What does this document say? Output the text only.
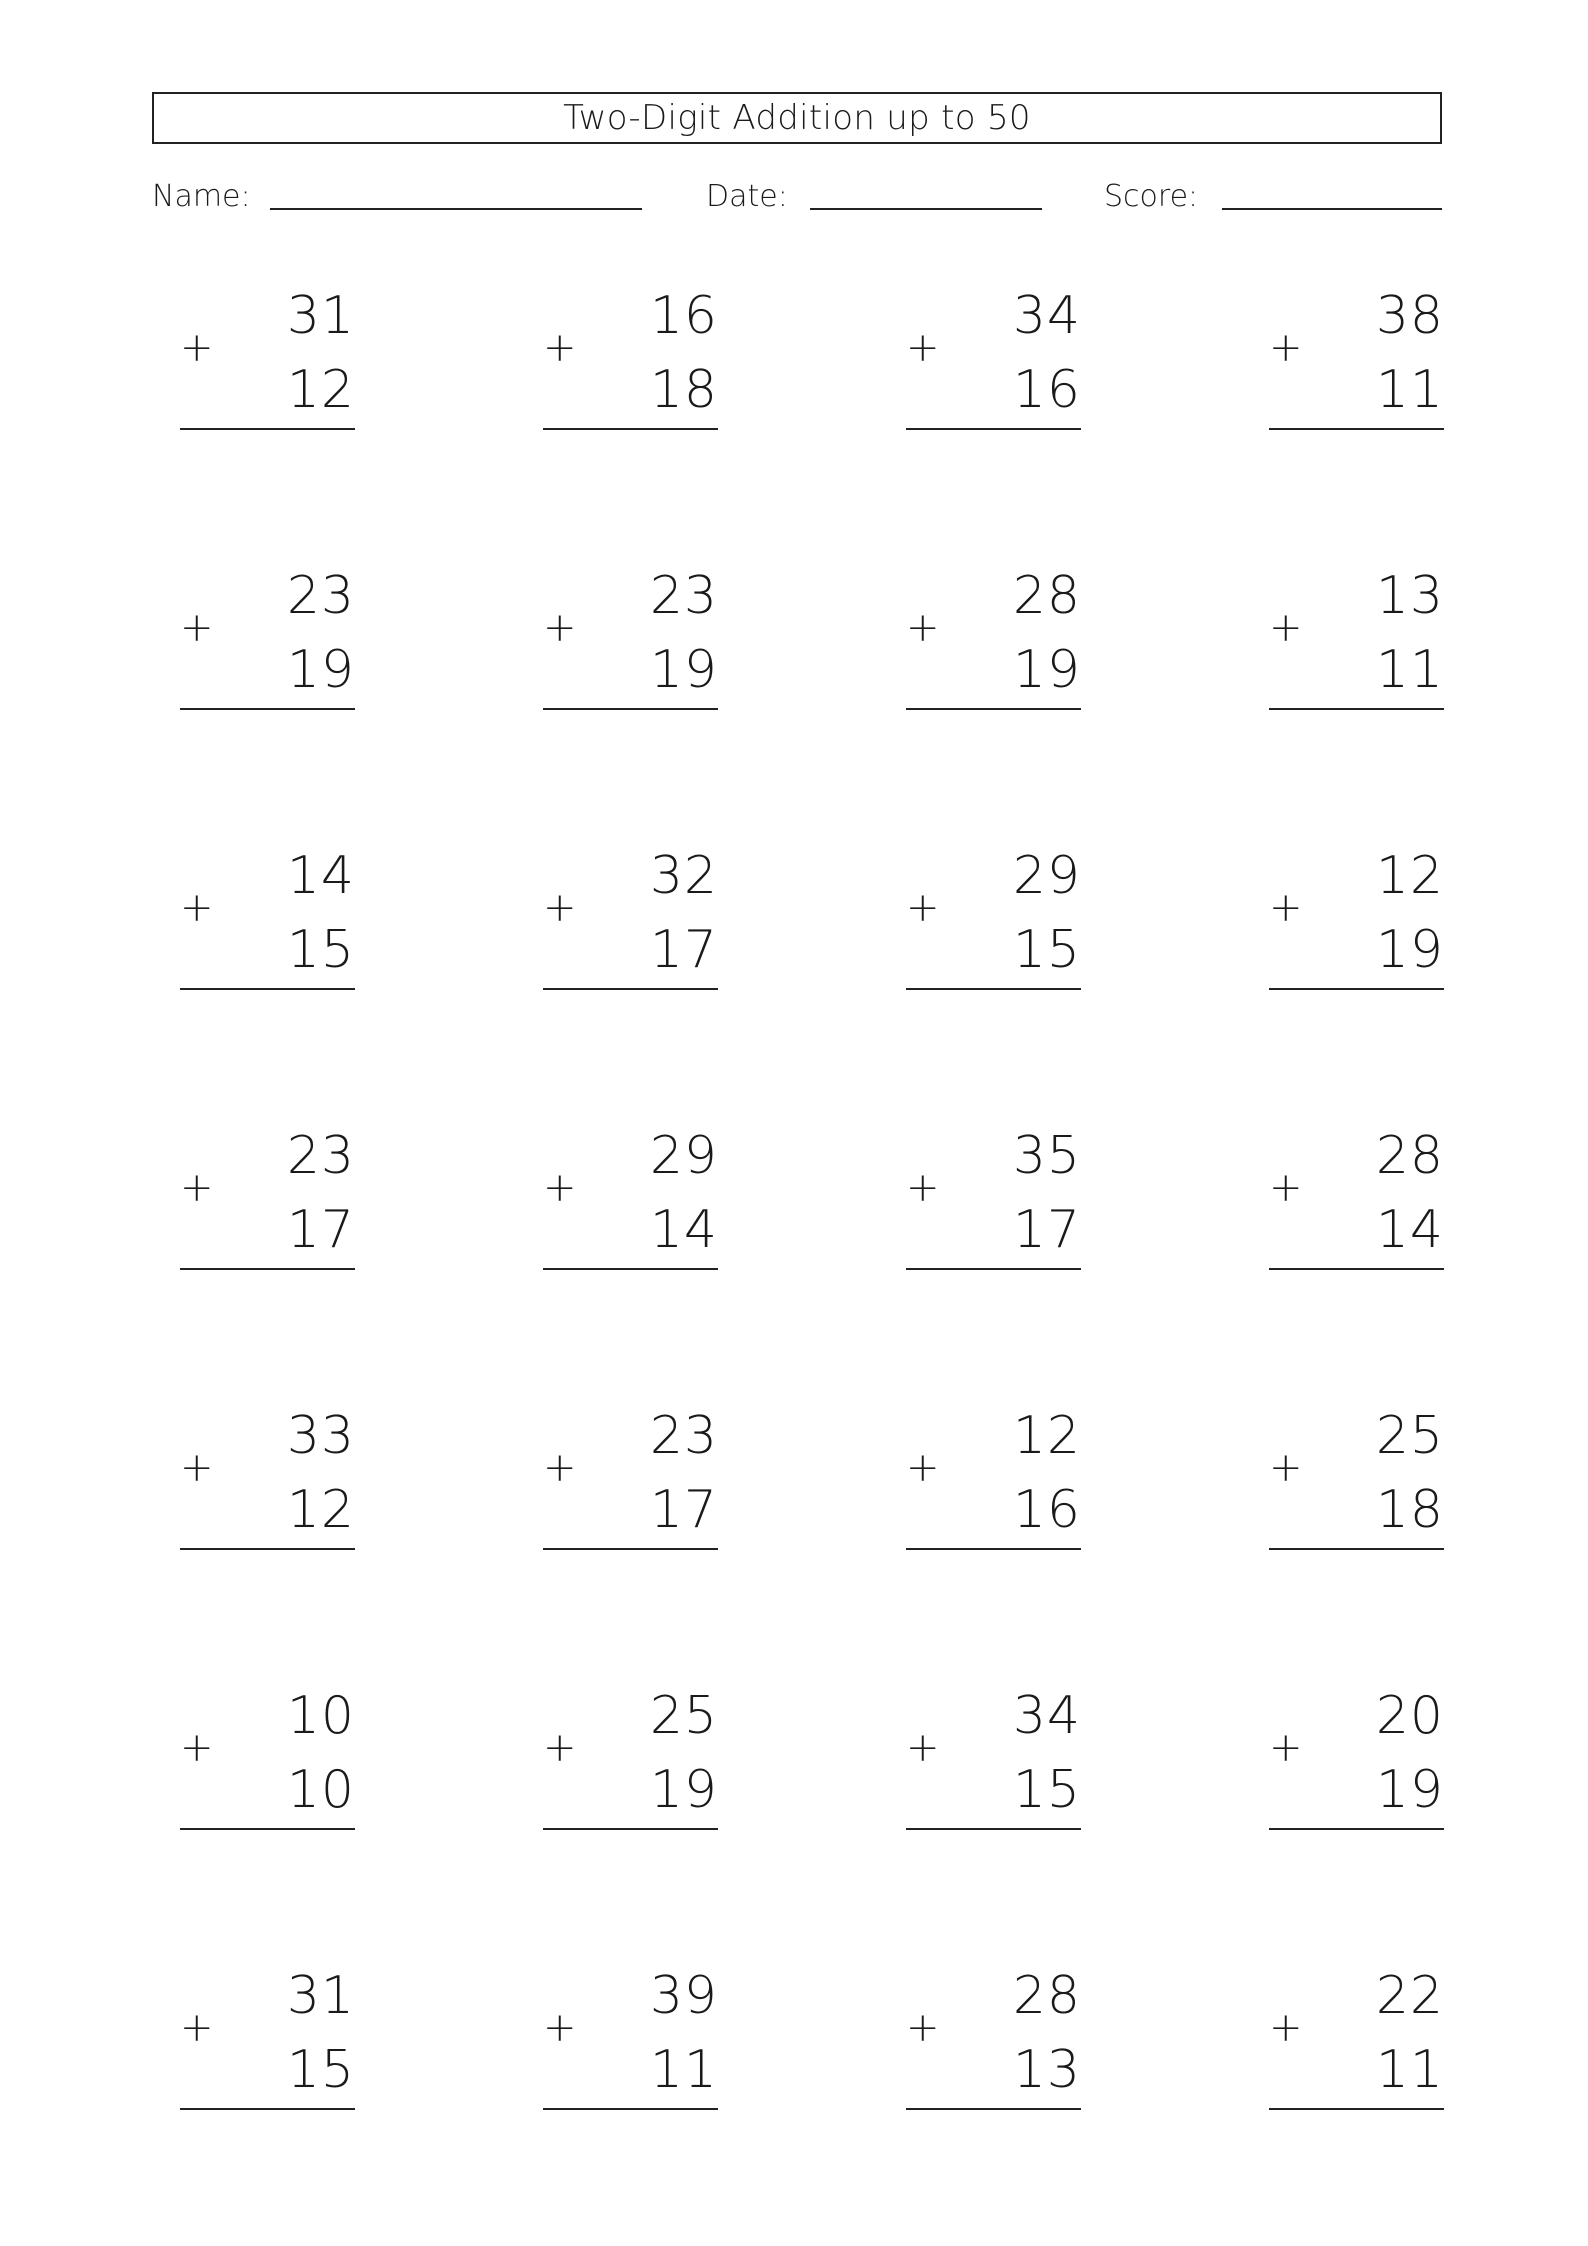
Two-Digit Addition up to 50
Name:	Date:	Score:
31
+
12
16
+
18
34
+
16
38
+
11
23
+
19
23
+
19
28
+
19
13
+
11
14
+
15
32
+
17
29
+
15
12
+
19
23
+
17
29
+
14
35
+
17
28
+
14
33
+
12
23
+
17
12
+
16
25
+
18
10
+
10
25
+
19
34
+
15
20
+
19
31
+
15
39
+
11
28
+
13
22
+
11
